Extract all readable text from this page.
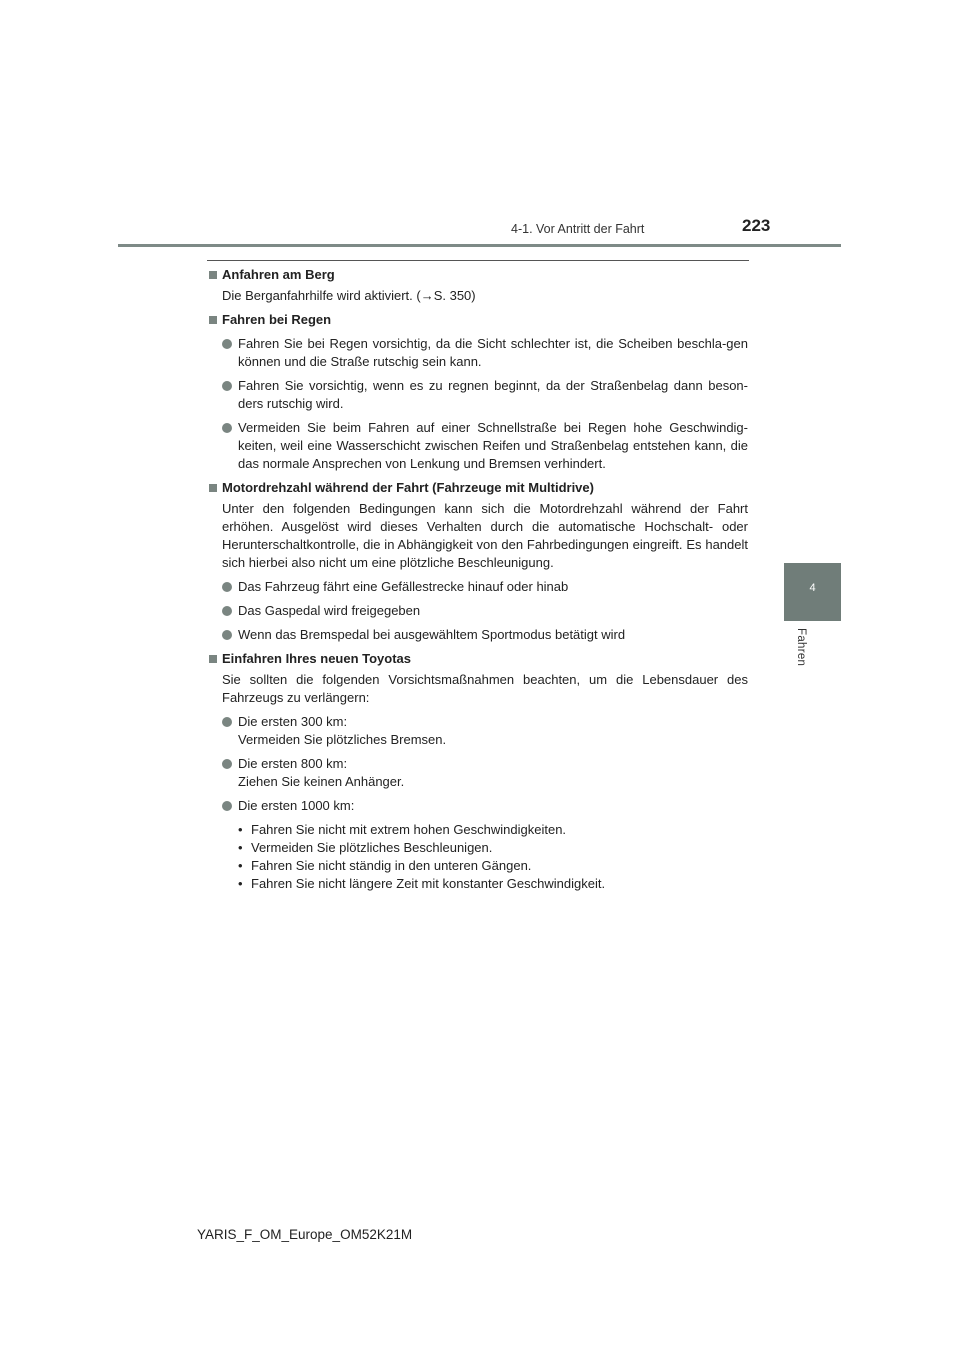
4-1. Vor Antritt der Fahrt	223
4
Fahren

Anfahren am Berg

Die Berganfahrhilfe wird aktiviert. (→S. 350)

Fahren bei Regen

Fahren Sie bei Regen vorsichtig, da die Sicht schlechter ist, die Scheiben beschla-gen können und die Straße rutschig sein kann.
Fahren Sie vorsichtig, wenn es zu regnen beginnt, da der Straßenbelag dann beson-ders rutschig wird.
Vermeiden Sie beim Fahren auf einer Schnellstraße bei Regen hohe Geschwindig-keiten, weil eine Wasserschicht zwischen Reifen und Straßenbelag entstehen kann, die das normale Ansprechen von Lenkung und Bremsen verhindert.

Motordrehzahl während der Fahrt (Fahrzeuge mit Multidrive)

Unter den folgenden Bedingungen kann sich die Motordrehzahl während der Fahrt erhöhen. Ausgelöst wird dieses Verhalten durch die automatische Hochschalt- oder Herunterschaltkontrolle, die in Abhängigkeit von den Fahrbedingungen eingreift. Es handelt sich hierbei also nicht um eine plötzliche Beschleunigung.

Das Fahrzeug fährt eine Gefällestrecke hinauf oder hinab
Das Gaspedal wird freigegeben
Wenn das Bremspedal bei ausgewähltem Sportmodus betätigt wird

Einfahren Ihres neuen Toyotas

Sie sollten die folgenden Vorsichtsmaßnahmen beachten, um die Lebensdauer des Fahrzeugs zu verlängern:

Die ersten 300 km:
Vermeiden Sie plötzliches Bremsen.
Die ersten 800 km:
Ziehen Sie keinen Anhänger.
Die ersten 1000 km:
• Fahren Sie nicht mit extrem hohen Geschwindigkeiten.
• Vermeiden Sie plötzliches Beschleunigen.
• Fahren Sie nicht ständig in den unteren Gängen.
• Fahren Sie nicht längere Zeit mit konstanter Geschwindigkeit.
YARIS_F_OM_Europe_OM52K21M
